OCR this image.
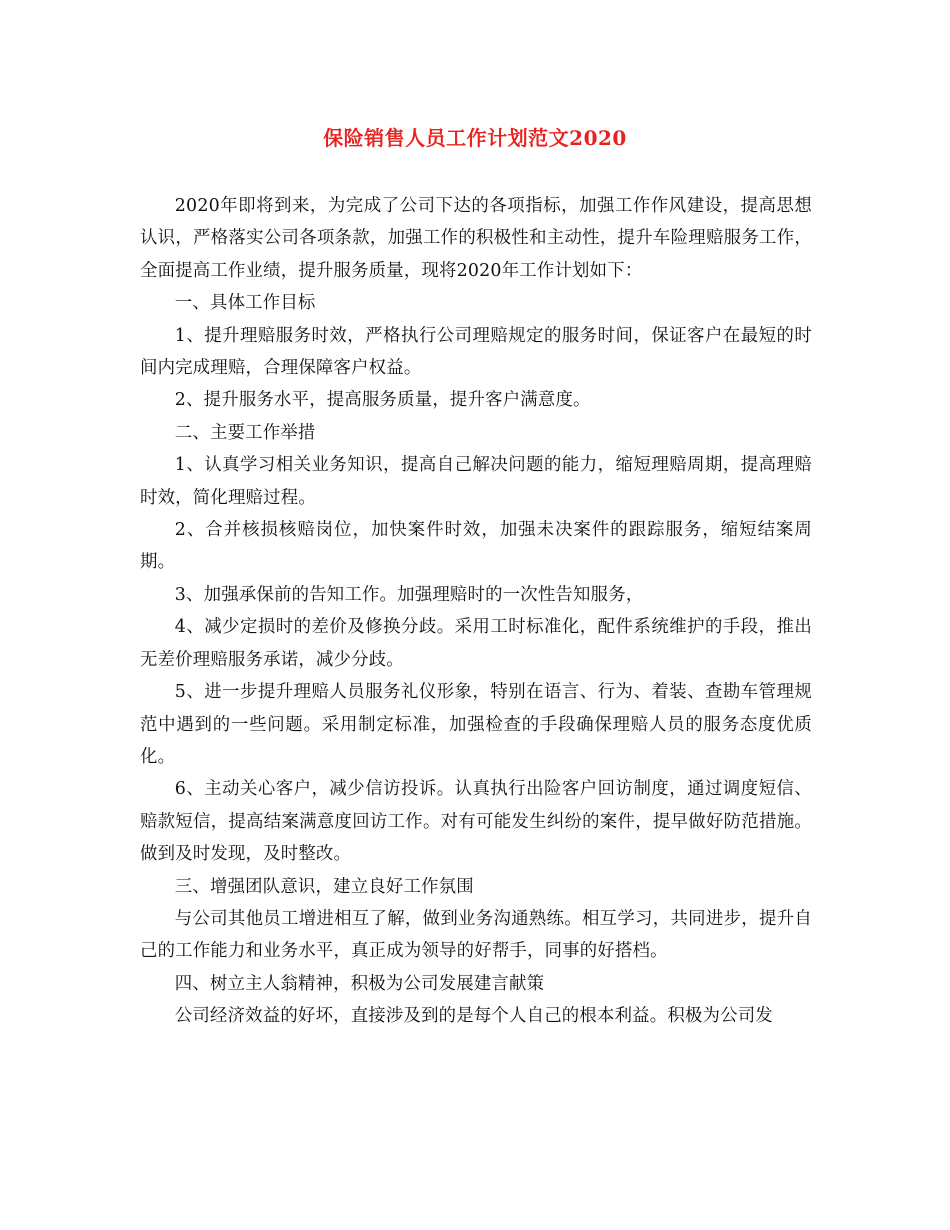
保险销售人员工作计划范文2020

2020年即将到来，为完成了公司下达的各项指标，加强工作作风建设，提高思想认识，严格落实公司各项条款，加强工作的积极性和主动性，提升车险理赔服务工作，全面提高工作业绩，提升服务质量，现将2020年工作计划如下：

一、具体工作目标

1、提升理赔服务时效，严格执行公司理赔规定的服务时间，保证客户在最短的时间内完成理赔，合理保障客户权益。

2、提升服务水平，提高服务质量，提升客户满意度。

二、主要工作举措

1、认真学习相关业务知识，提高自己解决问题的能力，缩短理赔周期，提高理赔时效，简化理赔过程。

2、合并核损核赔岗位，加快案件时效，加强未决案件的跟踪服务，缩短结案周期。

3、加强承保前的告知工作。加强理赔时的一次性告知服务，

4、减少定损时的差价及修换分歧。采用工时标准化，配件系统维护的手段，推出无差价理赔服务承诺，减少分歧。

5、进一步提升理赔人员服务礼仪形象，特别在语言、行为、着装、查勘车管理规范中遇到的一些问题。采用制定标准，加强检查的手段确保理赔人员的服务态度优质化。

6、主动关心客户，减少信访投诉。认真执行出险客户回访制度，通过调度短信、赔款短信，提高结案满意度回访工作。对有可能发生纠纷的案件，提早做好防范措施。做到及时发现，及时整改。

三、增强团队意识，建立良好工作氛围

与公司其他员工增进相互了解，做到业务沟通熟练。相互学习，共同进步，提升自己的工作能力和业务水平，真正成为领导的好帮手，同事的好搭档。

四、树立主人翁精神，积极为公司发展建言献策

公司经济效益的好坏，直接涉及到的是每个人自己的根本利益。积极为公司发
